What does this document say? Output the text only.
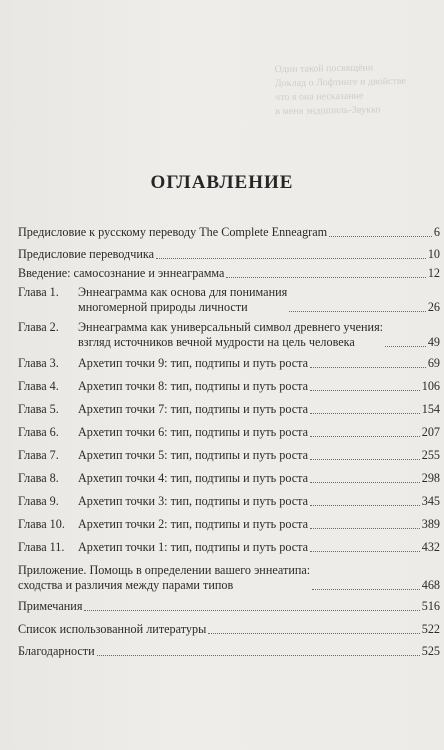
Один такой посвящённ
Доклад о Лофтинге и двойстве
что я она несказанне
в меня эндшпиль-Звукко
ОГЛАВЛЕНИЕ
Предисловие к русскому переводу The Complete Enneagram	6
Предисловие переводчика	10
Введение: самосознание и эннеаграмма	12
Глава 1.	Эннеаграмма как основа для понимания
многомерной природы личности	26
Глава 2.	Эннеаграмма как универсальный символ древнего учения:
взгляд источников вечной мудрости на цель человека	49
Глава 3.	Архетип точки 9: тип, подтипы и путь роста	69
Глава 4.	Архетип точки 8: тип, подтипы и путь роста	106
Глава 5.	Архетип точки 7: тип, подтипы и путь роста	154
Глава 6.	Архетип точки 6: тип, подтипы и путь роста	207
Глава 7.	Архетип точки 5: тип, подтипы и путь роста	255
Глава 8.	Архетип точки 4: тип, подтипы и путь роста	298
Глава 9.	Архетип точки 3: тип, подтипы и путь роста	345
Глава 10.	Архетип точки 2: тип, подтипы и путь роста	389
Глава 11.	Архетип точки 1: тип, подтипы и путь роста	432
Приложение. Помощь в определении вашего эннеатипа:
сходства и различия между парами типов	468
Примечания	516
Список использованной литературы	522
Благодарности	525
